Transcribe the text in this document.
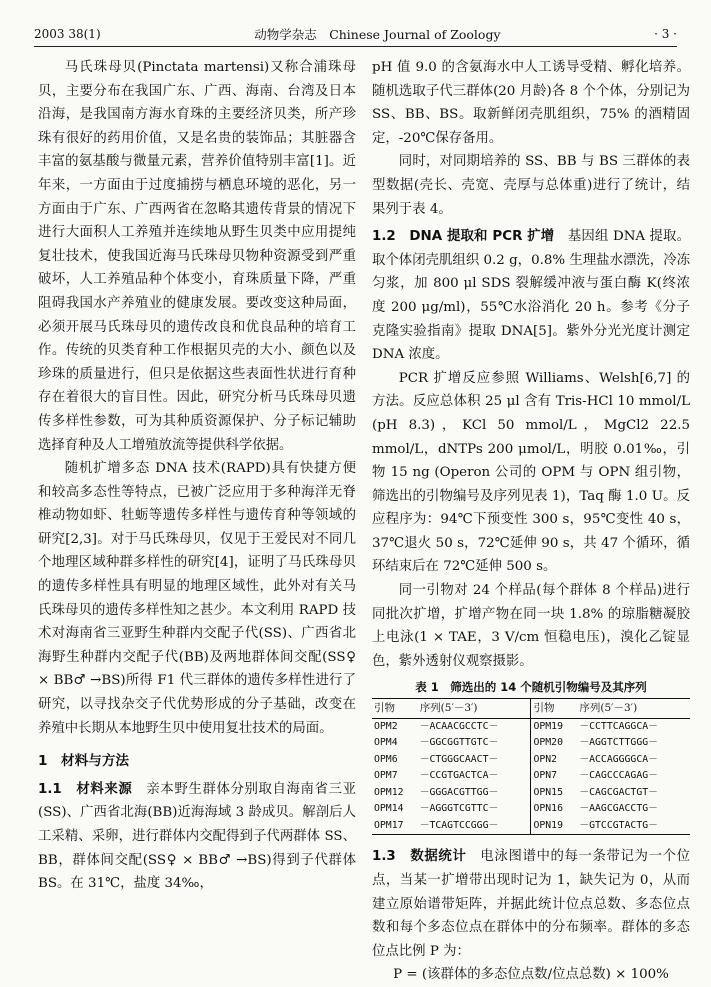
2003 38(1)	动物学杂志　Chinese Journal of Zoology	· 3 ·

马氏珠母贝(Pinctata martensi)又称合浦珠母贝，主要分布在我国广东、广西、海南、台湾及日本沿海，是我国南方海水育珠的主要经济贝类，所产珍珠有很好的药用价值，又是名贵的装饰品；其脏器含丰富的氨基酸与微量元素，营养价值特别丰富[1]。近年来，一方面由于过度捕捞与栖息环境的恶化，另一方面由于广东、广西两省在忽略其遗传背景的情况下进行大面积人工养殖并连续地从野生贝类中应用提纯复壮技术，使我国近海马氏珠母贝物种资源受到严重破坏，人工养殖品种个体变小，育珠质量下降，严重阻碍我国水产养殖业的健康发展。要改变这种局面，必须开展马氏珠母贝的遗传改良和优良品种的培育工作。传统的贝类育种工作根据贝壳的大小、颜色以及珍珠的质量进行，但只是依据这些表面性状进行育种存在着很大的盲目性。因此，研究分析马氏珠母贝遗传多样性参数，可为其种质资源保护、分子标记辅助选择育种及人工增殖放流等提供科学依据。

随机扩增多态 DNA 技术(RAPD)具有快捷方便和较高多态性等特点，已被广泛应用于多种海洋无脊椎动物如虾、牡蛎等遗传多样性与遗传育种等领域的研究[2,3]。对于马氏珠母贝，仅见于王爱民对不同几个地理区域种群多样性的研究[4]，证明了马氏珠母贝的遗传多样性具有明显的地理区域性，此外对有关马氏珠母贝的遗传多样性知之甚少。本文利用 RAPD 技术对海南省三亚野生种群内交配子代(SS)、广西省北海野生种群内交配子代(BB)及两地群体间交配(SS♀ × BB♂ →BS)所得 F1 代三群体的遗传多样性进行了研究，以寻找杂交子代优势形成的分子基础，改变在养殖中长期从本地野生贝中使用复壮技术的局面。

1　材料与方法

1.1　材料来源　 亲本野生群体分别取自海南省三亚(SS)、广西省北海(BB)近海海域 3 龄成贝。解剖后人工采精、采卵，进行群体内交配得到子代两群体 SS、BB，群体间交配(SS♀ × BB♂ →BS)得到子代群体 BS。在 31℃，盐度 34‰，

pH 值 9.0 的含氨海水中人工诱导受精、孵化培养。随机选取子代三群体(20 月龄)各 8 个个体，分别记为 SS、BB、BS。取新鲜闭壳肌组织，75% 的酒精固定，-20℃保存备用。

同时，对同期培养的 SS、BB 与 BS 三群体的表型数据(壳长、壳宽、壳厚与总体重)进行了统计，结果列于表 4。

1.2　DNA 提取和 PCR 扩增　 基因组 DNA 提取。取个体闭壳肌组织 0.2 g，0.8% 生理盐水漂洗，冷冻匀浆，加 800 μl SDS 裂解缓冲液与蛋白酶 K(终浓度 200 μg/ml)，55℃水浴消化 20 h。参考《分子克隆实验指南》提取 DNA[5]。紫外分光光度计测定 DNA 浓度。

PCR 扩增反应参照 Williams、Welsh[6,7] 的方法。反应总体积 25 μl 含有 Tris-HCl 10 mmol/L (pH 8.3)，KCl 50 mmol/L，MgCl2 22.5 mmol/L，dNTPs 200 μmol/L，明胶 0.01‰，引物 15 ng (Operon 公司的 OPM 与 OPN 组引物，筛选出的引物编号及序列见表 1)，Taq 酶 1.0 U。反应程序为：94℃下预变性 300 s，95℃变性 40 s，37℃退火 50 s，72℃延伸 90 s，共 47 个循环，循环结束后在 72℃延伸 500 s。

同一引物对 24 个样品(每个群体 8 个样品)进行同批次扩增，扩增产物在同一块 1.8% 的琼脂糖凝胶上电泳(1 × TAE，3 V/cm 恒稳电压)，溴化乙锭显色，紫外透射仪观察摄影。

表 1　筛选出的 14 个随机引物编号及其序列
引物	序列(5′－3′)	引物	序列(5′－3′)
OPM2	－ACAACGCCTC－	OPM19	－CCTTCAGGCA－
OPM4	－GGCGGTTGTC－	OPM20	－AGGTCTTGGG－
OPM6	－CTGGGCAACT－	OPN2	－ACCAGGGGCA－
OPM7	－CCGTGACTCA－	OPN7	－CAGCCCAGAG－
OPM12	－GGGACGTTGG－	OPN15	－CAGCGACTGT－
OPM14	－AGGGTCGTTC－	OPN16	－AAGCGACCTG－
OPM17	－TCAGTCCGGG－	OPN19	－GTCCGTACTG－

1.3　数据统计　 电泳图谱中的每一条带记为一个位点，当某一扩增带出现时记为 1，缺失记为 0，从而建立原始谱带矩阵，并据此统计位点总数、多态位点数和每个多态位点在群体中的分布频率。群体的多态位点比例 P 为：

P = (该群体的多态位点数/位点总数) × 100%
